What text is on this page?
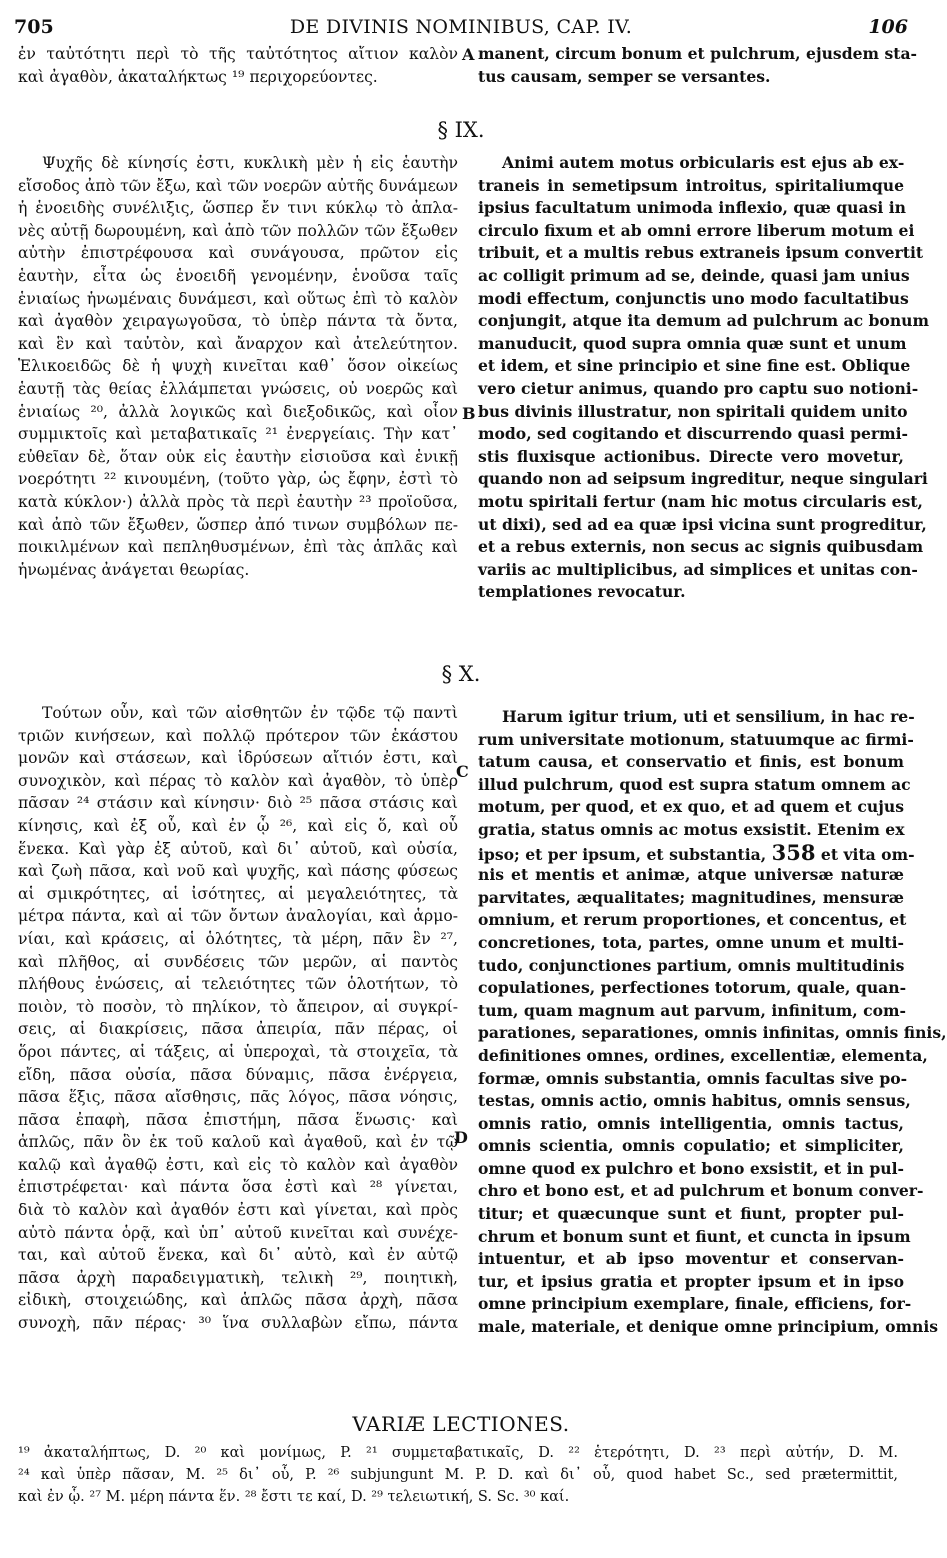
705	DE DIVINIS NOMINIBUS, CAP. IV.	106
ἐν ταὐτότητι περὶ τὸ τῆς ταὐτότητος αἴτιον καλὸν
καὶ ἀγαθὸν, ἀκαταλήκτως ¹⁹ περιχορεύοντες.
A manent, circum bonum et pulchrum, ejusdem sta-
tus causam, semper se versantes.
§ IX.
Ψυχῆς δὲ κίνησίς ἐστι, κυκλικὴ μὲν ἡ εἰς ἑαυτὴν
εἴσοδος ἀπὸ τῶν ἔξω, καὶ τῶν νοερῶν αὐτῆς δυνάμεων
ἡ ἑνοειδὴς συνέλιξις, ὥσπερ ἔν τινι κύκλῳ τὸ ἀπλα-
νὲς αὐτῇ δωρουμένη, καὶ ἀπὸ τῶν πολλῶν τῶν ἔξωθεν
αὐτὴν ἐπιστρέφουσα καὶ συνάγουσα, πρῶτον εἰς
ἑαυτὴν, εἶτα ὡς ἑνοειδῆ γενομένην, ἑνοῦσα ταῖς
ἑνιαίως ἡνωμέναις δυνάμεσι, καὶ οὕτως ἐπὶ τὸ καλὸν
καὶ ἀγαθὸν χειραγωγοῦσα, τὸ ὑπὲρ πάντα τὰ ὄντα,
καὶ ἓν καὶ ταὐτὸν, καὶ ἄναρχον καὶ ἀτελεύτητον.
Ἑλικοειδῶς δὲ ἡ ψυχὴ κινεῖται καθ᾿ ὅσον οἰκείως
ἑαυτῇ τὰς θείας ἐλλάμπεται γνώσεις, οὐ νοερῶς καὶ
ἑνιαίως ²⁰, ἀλλὰ λογικῶς καὶ διεξοδικῶς, καὶ οἷον
συμμικτοῖς καὶ μεταβατικαῖς ²¹ ἐνεργείαις. Τὴν κατ᾿
εὐθεῖαν δὲ, ὅταν οὐκ εἰς ἑαυτὴν εἰσιοῦσα καὶ ἑνικῇ
νοερότητι ²² κινουμένη, (τοῦτο γὰρ, ὡς ἔφην, ἐστὶ τὸ
κατὰ κύκλον·) ἀλλὰ πρὸς τὰ περὶ ἑαυτὴν ²³ προϊοῦσα,
καὶ ἀπὸ τῶν ἔξωθεν, ὥσπερ ἀπό τινων συμβόλων πε-
ποικιλμένων καὶ πεπληθυσμένων, ἐπὶ τὰς ἁπλᾶς καὶ
ἡνωμένας ἀνάγεται θεωρίας.
B
Animi autem motus orbicularis est ejus ab ex-
traneis in semetipsum introitus, spiritaliumque
ipsius facultatum unimoda inflexio, quæ quasi in
circulo fixum et ab omni errore liberum motum ei
tribuit, et a multis rebus extraneis ipsum convertit
ac colligit primum ad se, deinde, quasi jam unius
modi effectum, conjunctis uno modo facultatibus
conjungit, atque ita demum ad pulchrum ac bonum
manuducit, quod supra omnia quæ sunt et unum
et idem, et sine principio et sine fine est. Oblique
vero cietur animus, quando pro captu suo notioni-
bus divinis illustratur, non spiritali quidem unito
modo, sed cogitando et discurrendo quasi permi-
stis fluxisque actionibus. Directe vero movetur,
quando non ad seipsum ingreditur, neque singulari
motu spiritali fertur (nam hic motus circularis est,
ut dixi), sed ad ea quæ ipsi vicina sunt progreditur,
et a rebus externis, non secus ac signis quibusdam
variis ac multiplicibus, ad simplices et unitas con-
templationes revocatur.
§ X.
Τούτων οὖν, καὶ τῶν αἰσθητῶν ἐν τῷδε τῷ παντὶ
τριῶν κινήσεων, καὶ πολλῷ πρότερον τῶν ἑκάστου
μονῶν καὶ στάσεων, καὶ ἱδρύσεων αἴτιόν ἐστι, καὶ
συνοχικὸν, καὶ πέρας τὸ καλὸν καὶ ἀγαθὸν, τὸ ὑπὲρ
πᾶσαν ²⁴ στάσιν καὶ κίνησιν· διὸ ²⁵ πᾶσα στάσις καὶ
κίνησις, καὶ ἐξ οὗ, καὶ ἐν ᾧ ²⁶, καὶ εἰς ὅ, καὶ οὗ
ἕνεκα. Καὶ γὰρ ἐξ αὐτοῦ, καὶ δι᾿ αὐτοῦ, καὶ οὐσία,
καὶ ζωὴ πᾶσα, καὶ νοῦ καὶ ψυχῆς, καὶ πάσης φύσεως
αἱ σμικρότητες, αἱ ἰσότητες, αἱ μεγαλειότητες, τὰ
μέτρα πάντα, καὶ αἱ τῶν ὄντων ἀναλογίαι, καὶ ἁρμο-
νίαι, καὶ κράσεις, αἱ ὁλότητες, τὰ μέρη, πᾶν ἓν ²⁷,
καὶ πλῆθος, αἱ συνδέσεις τῶν μερῶν, αἱ παντὸς
πλήθους ἑνώσεις, αἱ τελειότητες τῶν ὁλοτήτων, τὸ
ποιὸν, τὸ ποσὸν, τὸ πηλίκον, τὸ ἄπειρον, αἱ συγκρί-
σεις, αἱ διακρίσεις, πᾶσα ἀπειρία, πᾶν πέρας, οἱ
ὅροι πάντες, αἱ τάξεις, αἱ ὑπεροχαὶ, τὰ στοιχεῖα, τὰ
εἴδη, πᾶσα οὐσία, πᾶσα δύναμις, πᾶσα ἐνέργεια,
πᾶσα ἕξις, πᾶσα αἴσθησις, πᾶς λόγος, πᾶσα νόησις,
πᾶσα ἐπαφὴ, πᾶσα ἐπιστήμη, πᾶσα ἕνωσις· καὶ
ἁπλῶς, πᾶν ὃν ἐκ τοῦ καλοῦ καὶ ἀγαθοῦ, καὶ ἐν τῷ
καλῷ καὶ ἀγαθῷ ἐστι, καὶ εἰς τὸ καλὸν καὶ ἀγαθὸν
ἐπιστρέφεται· καὶ πάντα ὅσα ἐστὶ καὶ ²⁸ γίνεται,
διὰ τὸ καλὸν καὶ ἀγαθόν ἐστι καὶ γίνεται, καὶ πρὸς
αὐτὸ πάντα ὁρᾷ, καὶ ὑπ᾿ αὐτοῦ κινεῖται καὶ συνέχε-
ται, καὶ αὐτοῦ ἕνεκα, καὶ δι᾿ αὐτὸ, καὶ ἐν αὐτῷ
πᾶσα ἀρχὴ παραδειγματικὴ, τελικὴ ²⁹, ποιητικὴ,
εἰδικὴ, στοιχειώδης, καὶ ἁπλῶς πᾶσα ἀρχὴ, πᾶσα
συνοχὴ, πᾶν πέρας· ³⁰ ἵνα συλλαβὼν εἴπω, πάντα
C
D
Harum igitur trium, uti et sensilium, in hac re-
rum universitate motionum, statuumque ac firmi-
tatum causa, et conservatio et finis, est bonum
illud pulchrum, quod est supra statum omnem ac
motum, per quod, et ex quo, et ad quem et cujus
gratia, status omnis ac motus exsistit. Etenim ex
ipso; et per ipsum, et substantia, 358 et vita om-
nis et mentis et animæ, atque universæ naturæ
parvitates, æqualitates; magnitudines, mensuræ
omnium, et rerum proportiones, et concentus, et
concretiones, tota, partes, omne unum et multi-
tudo, conjunctiones partium, omnis multitudinis
copulationes, perfectiones totorum, quale, quan-
tum, quam magnum aut parvum, infinitum, com-
parationes, separationes, omnis infinitas, omnis finis,
definitiones omnes, ordines, excellentiæ, elementa,
formæ, omnis substantia, omnis facultas sive po-
testas, omnis actio, omnis habitus, omnis sensus,
omnis ratio, omnis intelligentia, omnis tactus,
omnis scientia, omnis copulatio; et simpliciter,
omne quod ex pulchro et bono exsistit, et in pul-
chro et bono est, et ad pulchrum et bonum conver-
titur; et quæcunque sunt et fiunt, propter pul-
chrum et bonum sunt et fiunt, et cuncta in ipsum
intuentur, et ab ipso moventur et conservan-
tur, et ipsius gratia et propter ipsum et in ipso
omne principium exemplare, finale, efficiens, for-
male, materiale, et denique omne principium, omnis
VARIÆ LECTIONES.
¹⁹ ἀκαταλήπτως, D. ²⁰ καὶ μονίμως, P. ²¹ συμμεταβατικαῖς, D. ²² ἑτερότητι, D. ²³ περὶ αὐτήν, D. M.
²⁴ καὶ ὑπὲρ πᾶσαν, M. ²⁵ δι᾿ οὗ, P. ²⁶ subjungunt M. P. D. καὶ δι᾿ οὗ, quod habet Sc., sed prætermittit,
καὶ ἐν ᾧ. ²⁷ M. μέρη πάντα ἕν. ²⁸ ἔστι τε καί, D. ²⁹ τελειωτική, S. Sc. ³⁰ καί.
